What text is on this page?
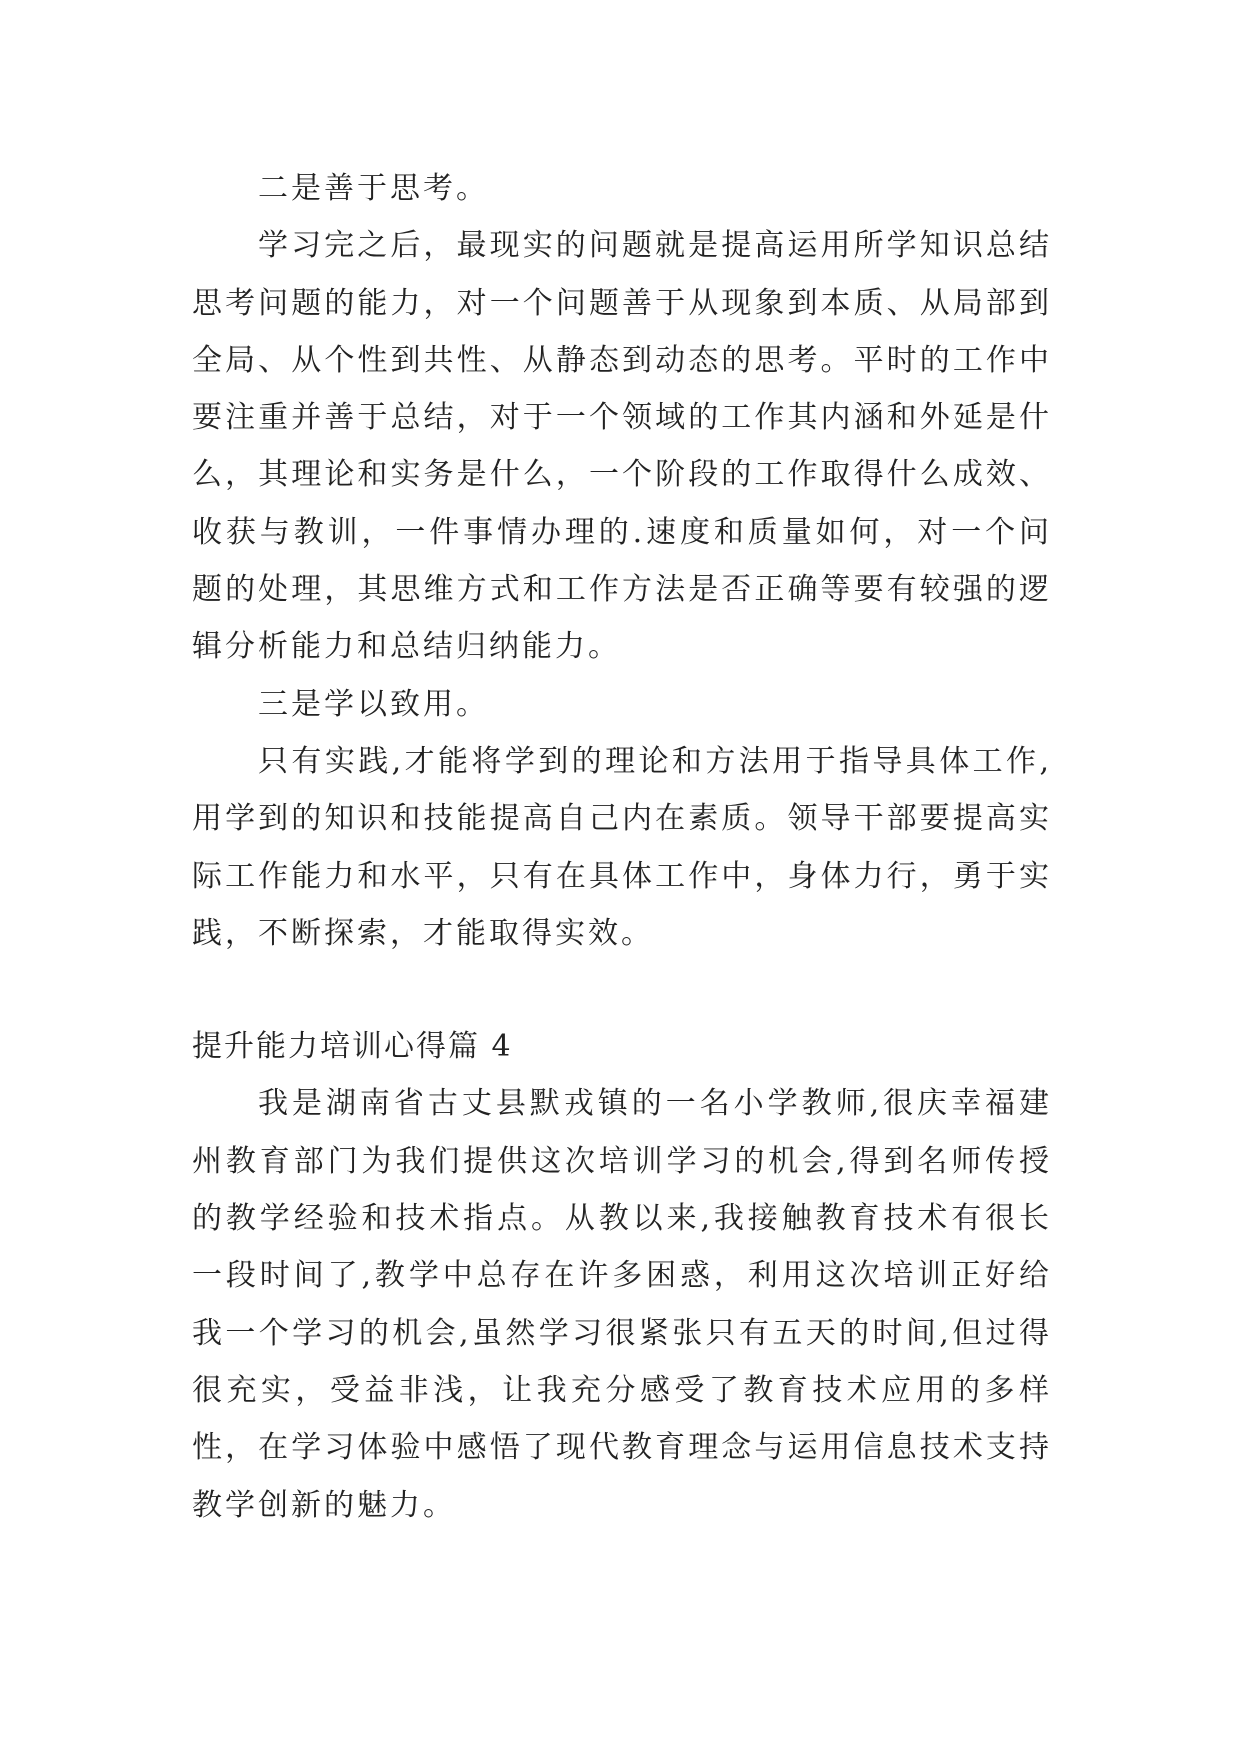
二是善于思考。

学习完之后，最现实的问题就是提高运用所学知识总结思考问题的能力，对一个问题善于从现象到本质、从局部到全局、从个性到共性、从静态到动态的思考。平时的工作中要注重并善于总结，对于一个领域的工作其内涵和外延是什么，其理论和实务是什么，一个阶段的工作取得什么成效、收获与教训，一件事情办理的.速度和质量如何，对一个问题的处理，其思维方式和工作方法是否正确等要有较强的逻辑分析能力和总结归纳能力。

三是学以致用。

只有实践,才能将学到的理论和方法用于指导具体工作,用学到的知识和技能提高自己内在素质。领导干部要提高实际工作能力和水平，只有在具体工作中，身体力行，勇于实践，不断探索，才能取得实效。

提升能力培训心得篇 4

我是湖南省古丈县默戎镇的一名小学教师,很庆幸福建州教育部门为我们提供这次培训学习的机会,得到名师传授的教学经验和技术指点。从教以来,我接触教育技术有很长一段时间了,教学中总存在许多困惑，利用这次培训正好给我一个学习的机会,虽然学习很紧张只有五天的时间,但过得很充实，受益非浅，让我充分感受了教育技术应用的多样性，在学习体验中感悟了现代教育理念与运用信息技术支持教学创新的魅力。
